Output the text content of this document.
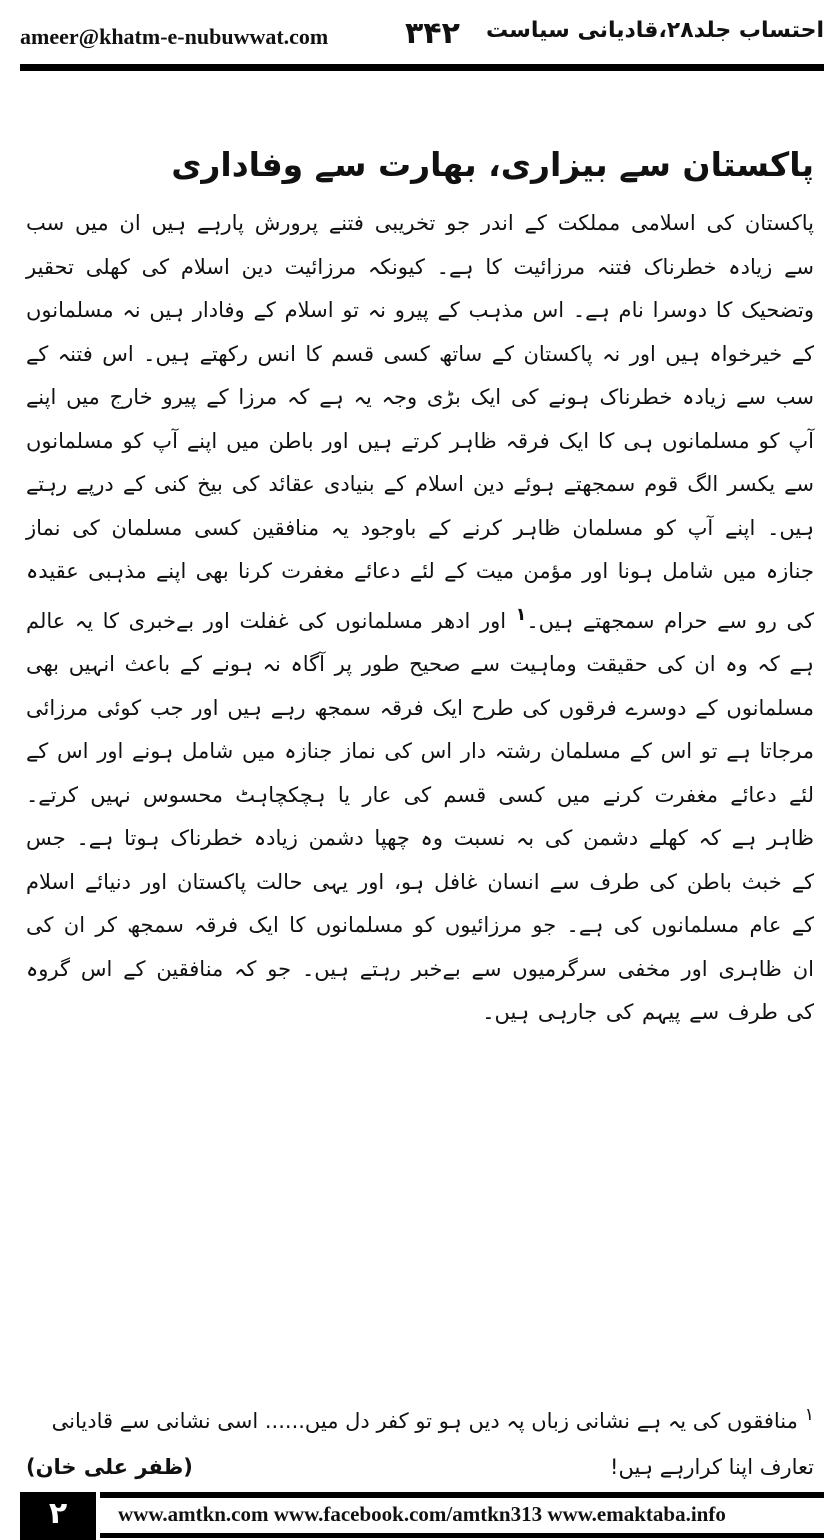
ameer@khatm-e-nubuwwat.com	۳۴۲ احتساب جلد۲۸،قادیانی سیاست
پاکستان سے بیزاری، بھارت سے وفاداری

پاکستان کی اسلامی مملکت کے اندر جو تخریبی فتنے پرورش پارہے ہیں ان میں سب سے زیادہ خطرناک فتنہ مرزائیت کا ہے۔ کیونکہ مرزائیت دین اسلام کی کھلی تحقیر وتضحیک کا دوسرا نام ہے۔ اس مذہب کے پیرو نہ تو اسلام کے وفادار ہیں نہ مسلمانوں کے خیرخواہ ہیں اور نہ پاکستان کے ساتھ کسی قسم کا انس رکھتے ہیں۔ اس فتنہ کے سب سے زیادہ خطرناک ہونے کی ایک بڑی وجہ یہ ہے کہ مرزا کے پیرو خارج میں اپنے آپ کو مسلمانوں ہی کا ایک فرقہ ظاہر کرتے ہیں اور باطن میں اپنے آپ کو مسلمانوں سے یکسر الگ قوم سمجھتے ہوئے دین اسلام کے بنیادی عقائد کی بیخ کنی کے درپے رہتے ہیں۔ اپنے آپ کو مسلمان ظاہر کرنے کے باوجود یہ منافقین کسی مسلمان کی نماز جنازہ میں شامل ہونا اور مؤمن میت کے لئے دعائے مغفرت کرنا بھی اپنے مذہبی عقیدہ کی رو سے حرام سمجھتے ہیں۔$^۱$ اور ادھر مسلمانوں کی غفلت اور بےخبری کا یہ عالم ہے کہ وہ ان کی حقیقت وماہیت سے صحیح طور پر آگاہ نہ ہونے کے باعث انہیں بھی مسلمانوں کے دوسرے فرقوں کی طرح ایک فرقہ سمجھ رہے ہیں اور جب کوئی مرزائی مرجاتا ہے تو اس کے مسلمان رشتہ دار اس کی نماز جنازہ میں شامل ہونے اور اس کے لئے دعائے مغفرت کرنے میں کسی قسم کی عار یا ہچکچاہٹ محسوس نہیں کرتے۔ ظاہر ہے کہ کھلے دشمن کی بہ نسبت وہ چھپا دشمن زیادہ خطرناک ہوتا ہے۔ جس کے خبث باطن کی طرف سے انسان غافل ہو، اور یہی حالت پاکستان اور دنیائے اسلام کے عام مسلمانوں کی ہے۔ جو مرزائیوں کو مسلمانوں کا ایک فرقہ سمجھ کر ان کی ان ظاہری اور مخفی سرگرمیوں سے بےخبر رہتے ہیں۔ جو کہ منافقین کے اس گروہ کی طرف سے پیہم کی جارہی ہیں۔

$^۱$ منافقوں کی یہ ہے نشانی زباں پہ دیں ہو تو کفر دل میں...... اسی نشانی سے قادیانی
تعارف اپنا کرارہے ہیں!
(ظفر علی خان)
۲	www.amtkn.com www.facebook.com/amtkn313 www.emaktaba.info
